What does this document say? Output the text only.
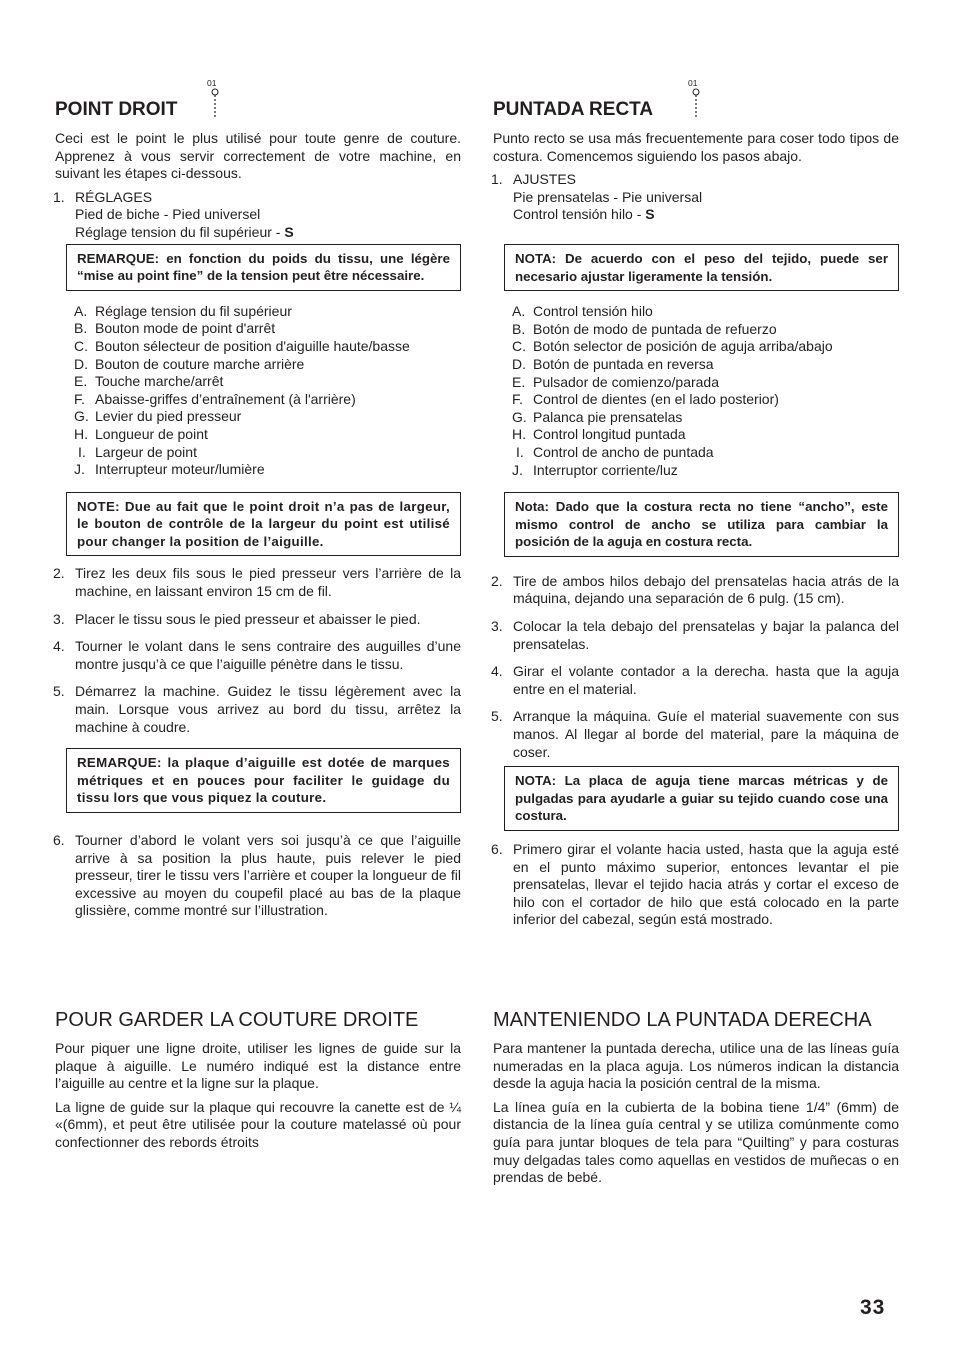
POINT DROIT
01

Ceci est le point le plus utilisé pour toute genre de couture. Apprenez à vous servir correctement de votre machine, en suivant les étapes ci-dessous.

1. RÉGLAGES
Pied de biche - Pied universel
Réglage tension du fil supérieur - S
REMARQUE: en fonction du poids du tissu, une légère “mise au point fine” de la tension peut être nécessaire.
A. Réglage tension du fil supérieur
B. Bouton mode de point d'arrêt
C. Bouton sélecteur de position d'aiguille haute/basse
D. Bouton de couture marche arrière
E. Touche marche/arrêt
F. Abaisse-griffes d’entraînement (à l'arrière)
G. Levier du pied presseur
H. Longueur de point
I. Largeur de point
J. Interrupteur moteur/lumière
NOTE: Due au fait que le point droit n’a pas de largeur, le bouton de contrôle de la largeur du point est utilisé pour changer la position de l’aiguille.
2. Tirez les deux fils sous le pied presseur vers l’arrière de la machine, en laissant environ 15 cm de fil.
3. Placer le tissu sous le pied presseur et abaisser le pied.
4. Tourner le volant dans le sens contraire des auguilles d’une montre jusqu’à ce que l’aiguille pénètre dans le tissu.
5. Démarrez la machine. Guidez le tissu légèrement avec la main. Lorsque vous arrivez au bord du tissu, arrêtez la machine à coudre.
REMARQUE: la plaque d’aiguille est dotée de marques métriques et en pouces pour faciliter le guidage du tissu lors que vous piquez la couture.
6. Tourner d’abord le volant vers soi jusqu’à ce que l’aiguille arrive à sa position la plus haute, puis relever le pied presseur, tirer le tissu vers l’arrière et couper la longueur de fil excessive au moyen du coupefil placé au bas de la plaque glissière, comme montré sur l’illustration.
PUNTADA RECTA
01

Punto recto se usa más frecuentemente para coser todo tipos de costura. Comencemos siguiendo los pasos abajo.

1. AJUSTES
Pie prensatelas - Pie universal
Control tensión hilo - S
NOTA: De acuerdo con el peso del tejido, puede ser necesario ajustar ligeramente la tensión.
A. Control tensión hilo
B. Botón de modo de puntada de refuerzo
C. Botón selector de posición de aguja arriba/abajo
D. Botón de puntada en reversa
E. Pulsador de comienzo/parada
F. Control de dientes (en el lado posterior)
G. Palanca pie prensatelas
H. Control longitud puntada
I. Control de ancho de puntada
J. Interruptor corriente/luz
Nota: Dado que la costura recta no tiene “ancho”, este mismo control de ancho se utiliza para cambiar la posición de la aguja en costura recta.
2. Tire de ambos hilos debajo del prensatelas hacia atrás de la máquina, dejando una separación de 6 pulg. (15 cm).
3. Colocar la tela debajo del prensatelas y bajar la palanca del prensatelas.
4. Girar el volante contador a la derecha. hasta que la aguja entre en el material.
5. Arranque la máquina. Guíe el material suavemente con sus manos. Al llegar al borde del material, pare la máquina de coser.
NOTA: La placa de aguja tiene marcas métricas y de pulgadas para ayudarle a guiar su tejido cuando cose una costura.
6. Primero girar el volante hacia usted, hasta que la aguja esté en el punto máximo superior, entonces levantar el pie prensatelas, llevar el tejido hacia atrás y cortar el exceso de hilo con el cortador de hilo que está colocado en la parte inferior del cabezal, según está mostrado.
POUR GARDER LA COUTURE DROITE

Pour piquer une ligne droite, utiliser les lignes de guide sur la plaque à aiguille. Le numéro indiqué est la distance entre l’aiguille au centre et la ligne sur la plaque.

La ligne de guide sur la plaque qui recouvre la canette est de ¼ «(6mm), et peut être utilisée pour la couture matelassé où pour confectionner des rebords étroits

MANTENIENDO LA PUNTADA DERECHA

Para mantener la puntada derecha, utilice una de las líneas guía numeradas en la placa aguja. Los números indican la distancia desde la aguja hacia la posición central de la misma.

La línea guía en la cubierta de la bobina tiene 1/4” (6mm) de distancia de la línea guía central y se utiliza comúnmente como guía para juntar bloques de tela para “Quilting” y para costuras muy delgadas tales como aquellas en vestidos de muñecas o en prendas de bebé.

33
